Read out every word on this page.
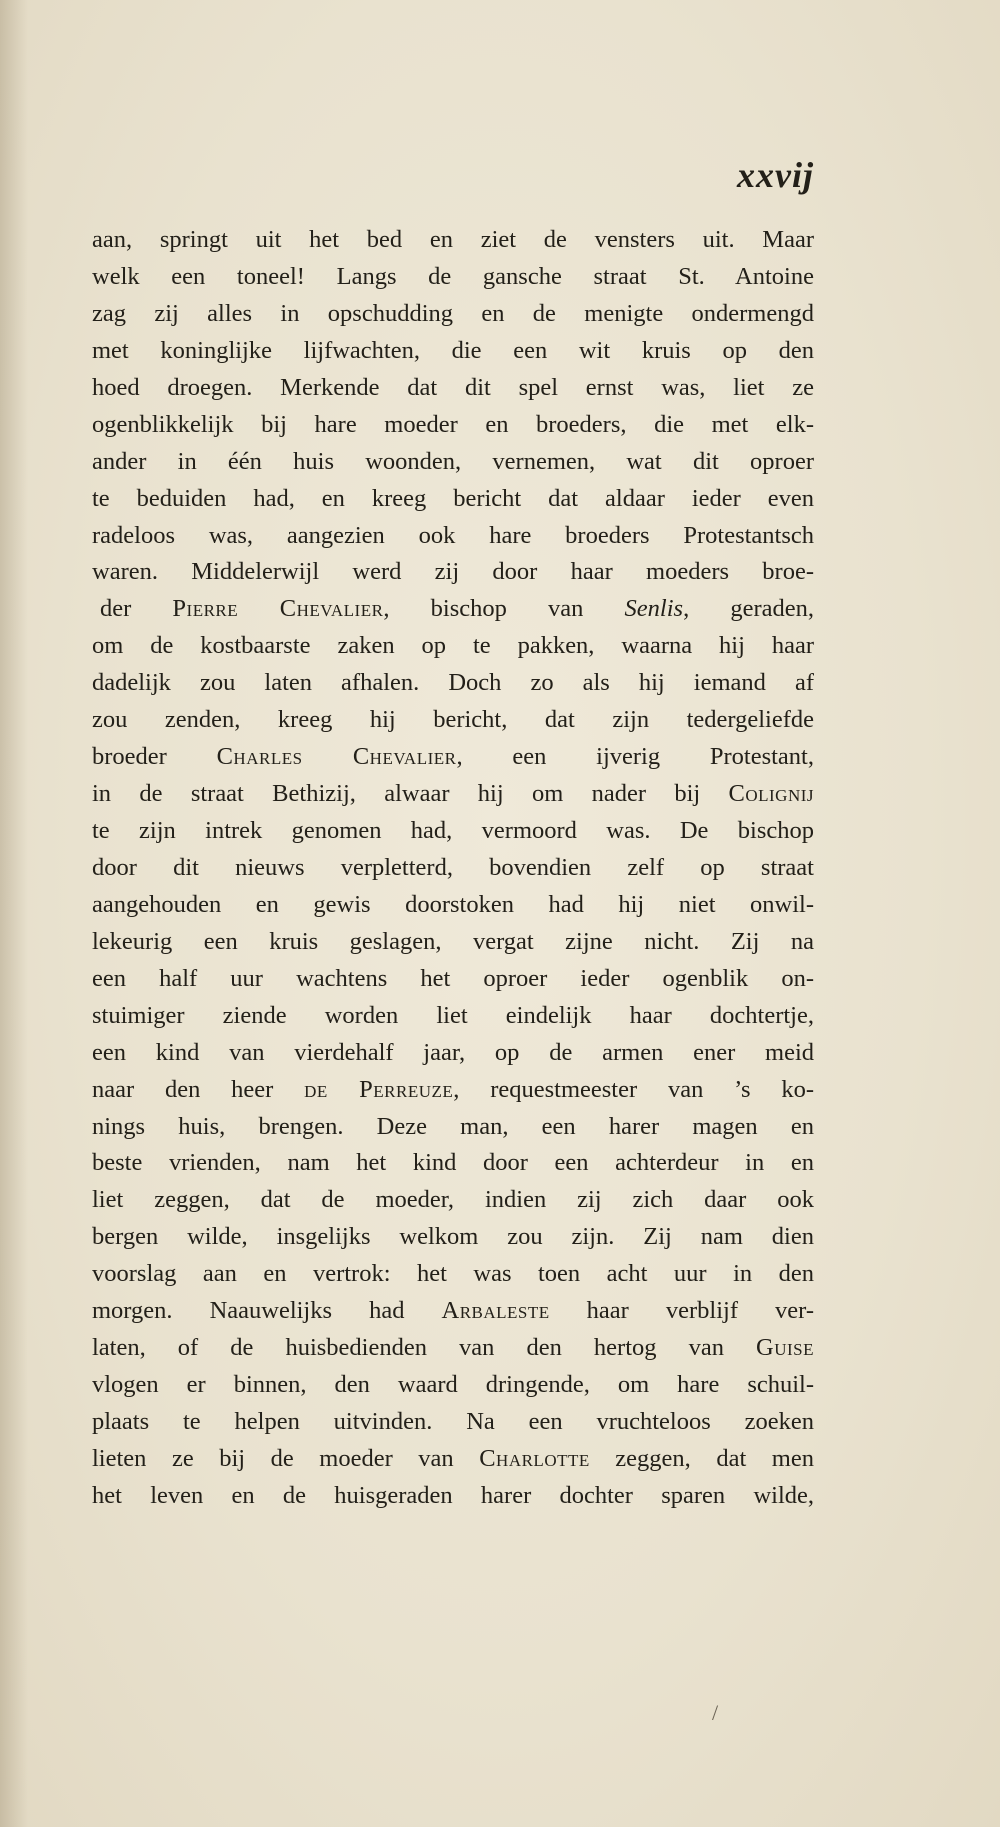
xxvij
aan, springt uit het bed en ziet de vensters uit. Maar
welk een toneel! Langs de gansche straat St. Antoine
zag zij alles in opschudding en de menigte ondermengd
met koninglijke lijfwachten, die een wit kruis op den
hoed droegen. Merkende dat dit spel ernst was, liet ze
ogenblikkelijk bij hare moeder en broeders, die met elk-
ander in één huis woonden, vernemen, wat dit oproer
te beduiden had, en kreeg bericht dat aldaar ieder even
radeloos was, aangezien ook hare broeders Protestantsch
waren. Middelerwijl werd zij door haar moeders broe-
der Pierre Chevalier, bischop van Senlis, geraden,
om de kostbaarste zaken op te pakken, waarna hij haar
dadelijk zou laten afhalen. Doch zo als hij iemand af
zou zenden, kreeg hij bericht, dat zijn tedergeliefde
broeder Charles Chevalier, een ijverig Protestant,
in de straat Bethizij, alwaar hij om nader bij Colignij
te zijn intrek genomen had, vermoord was. De bischop
door dit nieuws verpletterd, bovendien zelf op straat
aangehouden en gewis doorstoken had hij niet onwil-
lekeurig een kruis geslagen, vergat zijne nicht. Zij na
een half uur wachtens het oproer ieder ogenblik on-
stuimiger ziende worden liet eindelijk haar dochtertje,
een kind van vierdehalf jaar, op de armen ener meid
naar den heer de Perreuze, requestmeester van ’s ko-
nings huis, brengen. Deze man, een harer magen en
beste vrienden, nam het kind door een achterdeur in en
liet zeggen, dat de moeder, indien zij zich daar ook
bergen wilde, insgelijks welkom zou zijn. Zij nam dien
voorslag aan en vertrok: het was toen acht uur in den
morgen. Naauwelijks had Arbaleste haar verblijf ver-
laten, of de huisbedienden van den hertog van Guise
vlogen er binnen, den waard dringende, om hare schuil-
plaats te helpen uitvinden. Na een vruchteloos zoeken
lieten ze bij de moeder van Charlotte zeggen, dat men
het leven en de huisgeraden harer dochter sparen wilde,
/
